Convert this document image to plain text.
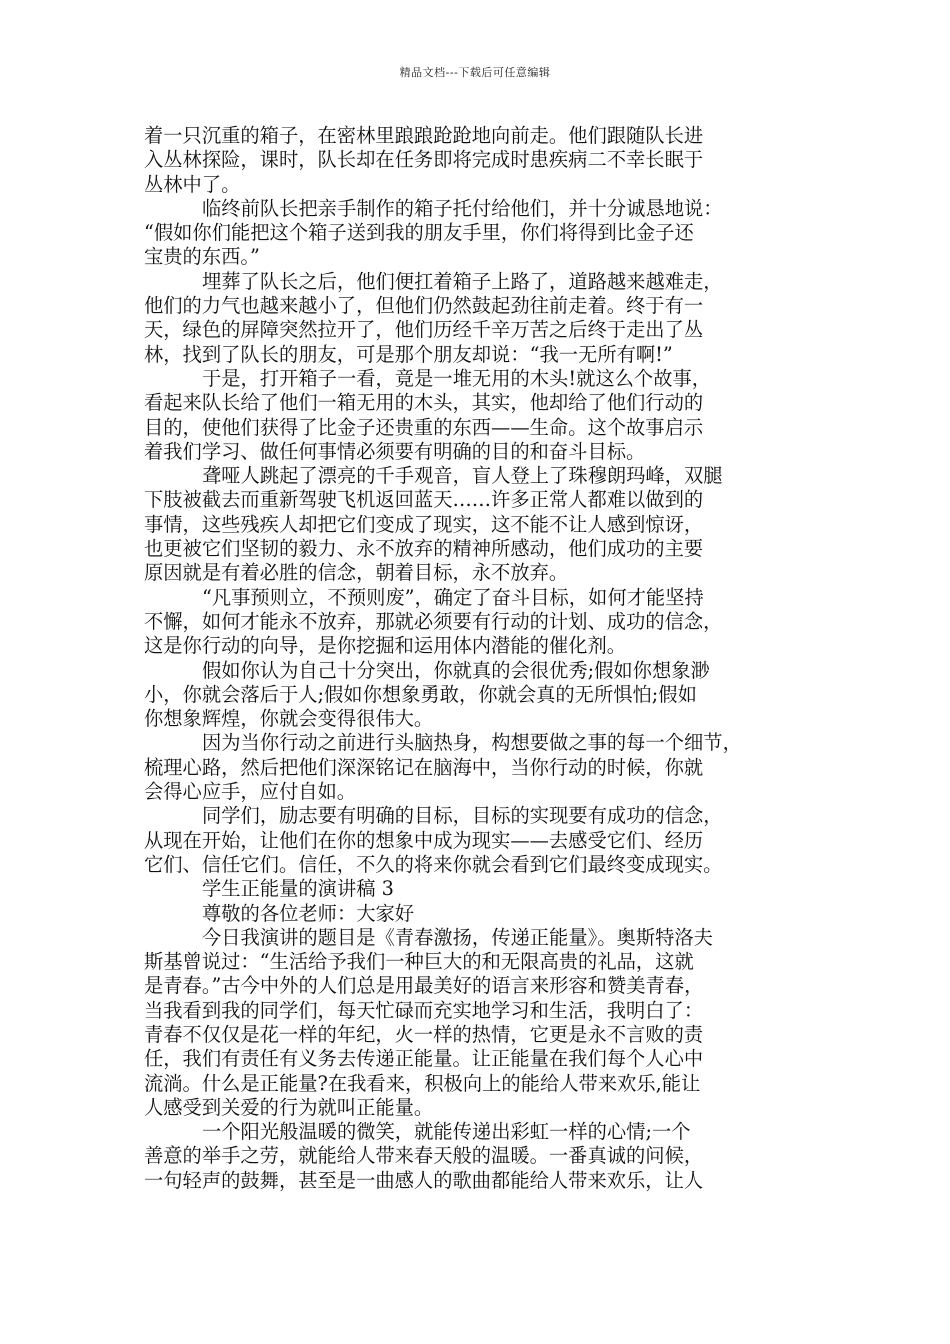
精品文档---下载后可任意编辑
着一只沉重的箱子，在密林里踉踉跄跄地向前走。他们跟随队长进
入丛林探险，课时，队长却在任务即将完成时患疾病二不幸长眠于
丛林中了。
临终前队长把亲手制作的箱子托付给他们，并十分诚恳地说：
“假如你们能把这个箱子送到我的朋友手里，你们将得到比金子还
宝贵的东西。”
埋葬了队长之后，他们便扛着箱子上路了，道路越来越难走，
他们的力气也越来越小了，但他们仍然鼓起劲往前走着。终于有一
天，绿色的屏障突然拉开了，他们历经千辛万苦之后终于走出了丛
林，找到了队长的朋友，可是那个朋友却说：“我一无所有啊!”
于是，打开箱子一看，竟是一堆无用的木头!就这么个故事，
看起来队长给了他们一箱无用的木头，其实，他却给了他们行动的
目的，使他们获得了比金子还贵重的东西——生命。这个故事启示
着我们学习、做任何事情必须要有明确的目的和奋斗目标。
聋哑人跳起了漂亮的千手观音，盲人登上了珠穆朗玛峰，双腿
下肢被截去而重新驾驶飞机返回蓝天……许多正常人都难以做到的
事情，这些残疾人却把它们变成了现实，这不能不让人感到惊讶，
也更被它们坚韧的毅力、永不放弃的精神所感动，他们成功的主要
原因就是有着必胜的信念，朝着目标，永不放弃。
“凡事预则立，不预则废”，确定了奋斗目标，如何才能坚持
不懈，如何才能永不放弃，那就必须要有行动的计划、成功的信念，
这是你行动的向导，是你挖掘和运用体内潜能的催化剂。
假如你认为自己十分突出，你就真的会很优秀;假如你想象渺
小，你就会落后于人;假如你想象勇敢，你就会真的无所惧怕;假如
你想象辉煌，你就会变得很伟大。
因为当你行动之前进行头脑热身，构想要做之事的每一个细节，
梳理心路，然后把他们深深铭记在脑海中，当你行动的时候，你就
会得心应手，应付自如。
同学们，励志要有明确的目标，目标的实现要有成功的信念，
从现在开始，让他们在你的想象中成为现实——去感受它们、经历
它们、信任它们。信任，不久的将来你就会看到它们最终变成现实。
学生正能量的演讲稿 3
尊敬的各位老师：大家好
今日我演讲的题目是《青春激扬，传递正能量》。奥斯特洛夫
斯基曾说过：“生活给予我们一种巨大的和无限高贵的礼品，这就
是青春。”古今中外的人们总是用最美好的语言来形容和赞美青春，
当我看到我的同学们，每天忙碌而充实地学习和生活，我明白了：
青春不仅仅是花一样的年纪，火一样的热情，它更是永不言败的责
任，我们有责任有义务去传递正能量。让正能量在我们每个人心中
流淌。什么是正能量?在我看来，积极向上的能给人带来欢乐,能让
人感受到关爱的行为就叫正能量。
一个阳光般温暖的微笑，就能传递出彩虹一样的心情;一个
善意的举手之劳，就能给人带来春天般的温暖。一番真诚的问候，
一句轻声的鼓舞，甚至是一曲感人的歌曲都能给人带来欢乐，让人
